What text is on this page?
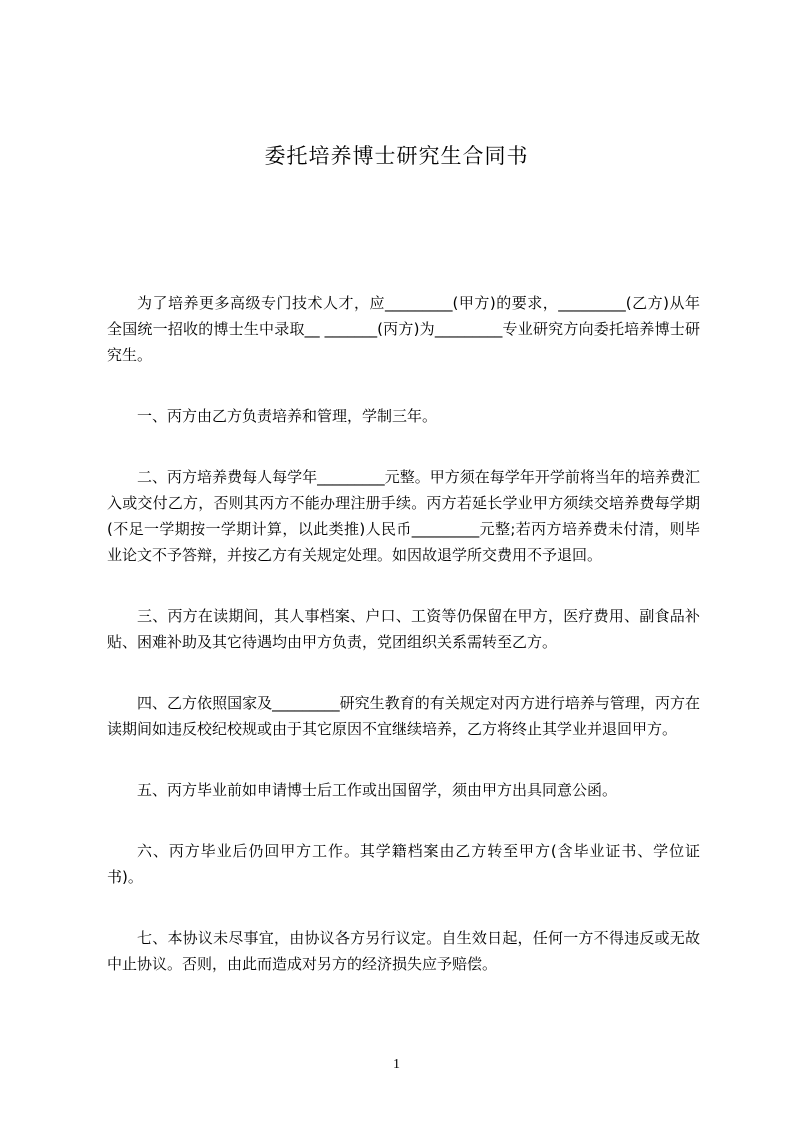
委托培养博士研究生合同书

为了培养更多高级专门技术人才，应_________(甲方)的要求，_________(乙方)从年全国统一招收的博士生中录取__ _______(丙方)为_________专业研究方向委托培养博士研究生。

一、丙方由乙方负责培养和管理，学制三年。

二、丙方培养费每人每学年_________元整。甲方须在每学年开学前将当年的培养费汇入或交付乙方，否则其丙方不能办理注册手续。丙方若延长学业甲方须续交培养费每学期(不足一学期按一学期计算，以此类推)人民币_________元整;若丙方培养费未付清，则毕业论文不予答辩，并按乙方有关规定处理。如因故退学所交费用不予退回。

三、丙方在读期间，其人事档案、户口、工资等仍保留在甲方，医疗费用、副食品补贴、困难补助及其它待遇均由甲方负责，党团组织关系需转至乙方。

四、乙方依照国家及_________研究生教育的有关规定对丙方进行培养与管理，丙方在读期间如违反校纪校规或由于其它原因不宜继续培养，乙方将终止其学业并退回甲方。

五、丙方毕业前如申请博士后工作或出国留学，须由甲方出具同意公函。

六、丙方毕业后仍回甲方工作。其学籍档案由乙方转至甲方(含毕业证书、学位证书)。

七、本协议未尽事宜，由协议各方另行议定。自生效日起，任何一方不得违反或无故中止协议。否则，由此而造成对另方的经济损失应予赔偿。

1
